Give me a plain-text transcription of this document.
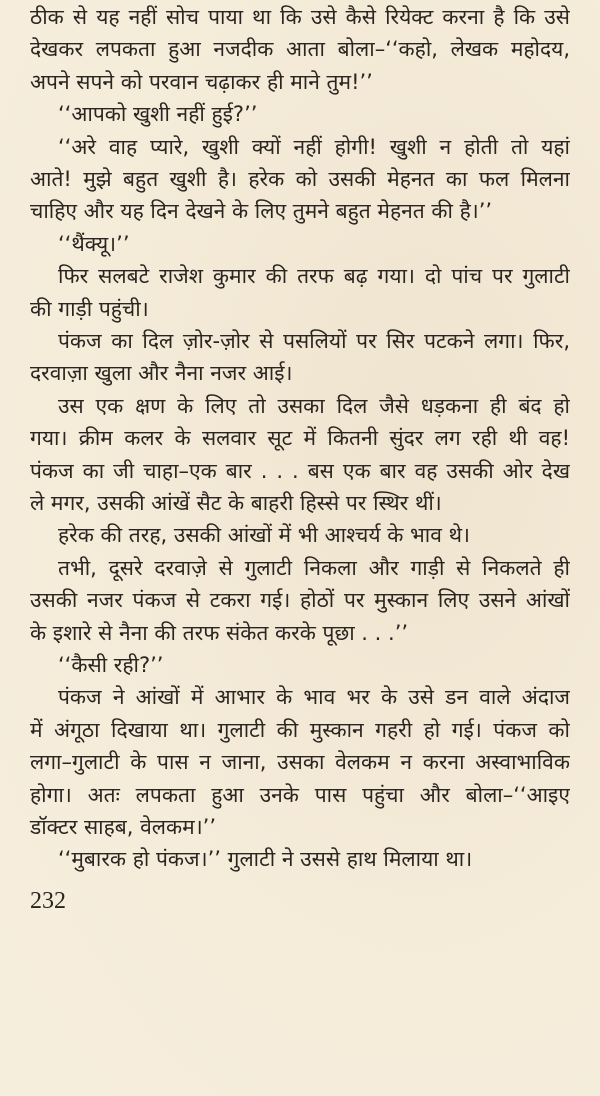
ठीक से यह नहीं सोच पाया था कि उसे कैसे रियेक्ट करना है कि उसे
देखकर लपकता हुआ नजदीक आता बोला–‘‘कहो, लेखक महोदय,
अपने सपने को परवान चढ़ाकर ही माने तुम!’’
‘‘आपको खुशी नहीं हुई?’’
‘‘अरे वाह प्यारे, खुशी क्यों नहीं होगी! खुशी न होती तो यहां
आते! मुझे बहुत खुशी है। हरेक को उसकी मेहनत का फल मिलना
चाहिए और यह दिन देखने के लिए तुमने बहुत मेहनत की है।’’
‘‘थैंक्यू।’’
फिर सलबटे राजेश कुमार की तरफ बढ़ गया। दो पांच पर गुलाटी
की गाड़ी पहुंची।
पंकज का दिल ज़ोर-ज़ोर से पसलियों पर सिर पटकने लगा। फिर,
दरवाज़ा खुला और नैना नजर आई।
उस एक क्षण के लिए तो उसका दिल जैसे धड़कना ही बंद हो
गया। क्रीम कलर के सलवार सूट में कितनी सुंदर लग रही थी वह!
पंकज का जी चाहा–एक बार . . . बस एक बार वह उसकी ओर देख
ले मगर, उसकी आंखें सैट के बाहरी हिस्से पर स्थिर थीं।
हरेक की तरह, उसकी आंखों में भी आश्चर्य के भाव थे।
तभी, दूसरे दरवाज़े से गुलाटी निकला और गाड़ी से निकलते ही
उसकी नजर पंकज से टकरा गई। होठों पर मुस्कान लिए उसने आंखों
के इशारे से नैना की तरफ संकेत करके पूछा . . .’’
‘‘कैसी रही?’’
पंकज ने आंखों में आभार के भाव भर के उसे डन वाले अंदाज
में अंगूठा दिखाया था। गुलाटी की मुस्कान गहरी हो गई। पंकज को
लगा–गुलाटी के पास न जाना, उसका वेलकम न करना अस्वाभाविक
होगा। अतः लपकता हुआ उनके पास पहुंचा और बोला–‘‘आइए
डॉक्टर साहब, वेलकम।’’
‘‘मुबारक हो पंकज।’’ गुलाटी ने उससे हाथ मिलाया था।
232
